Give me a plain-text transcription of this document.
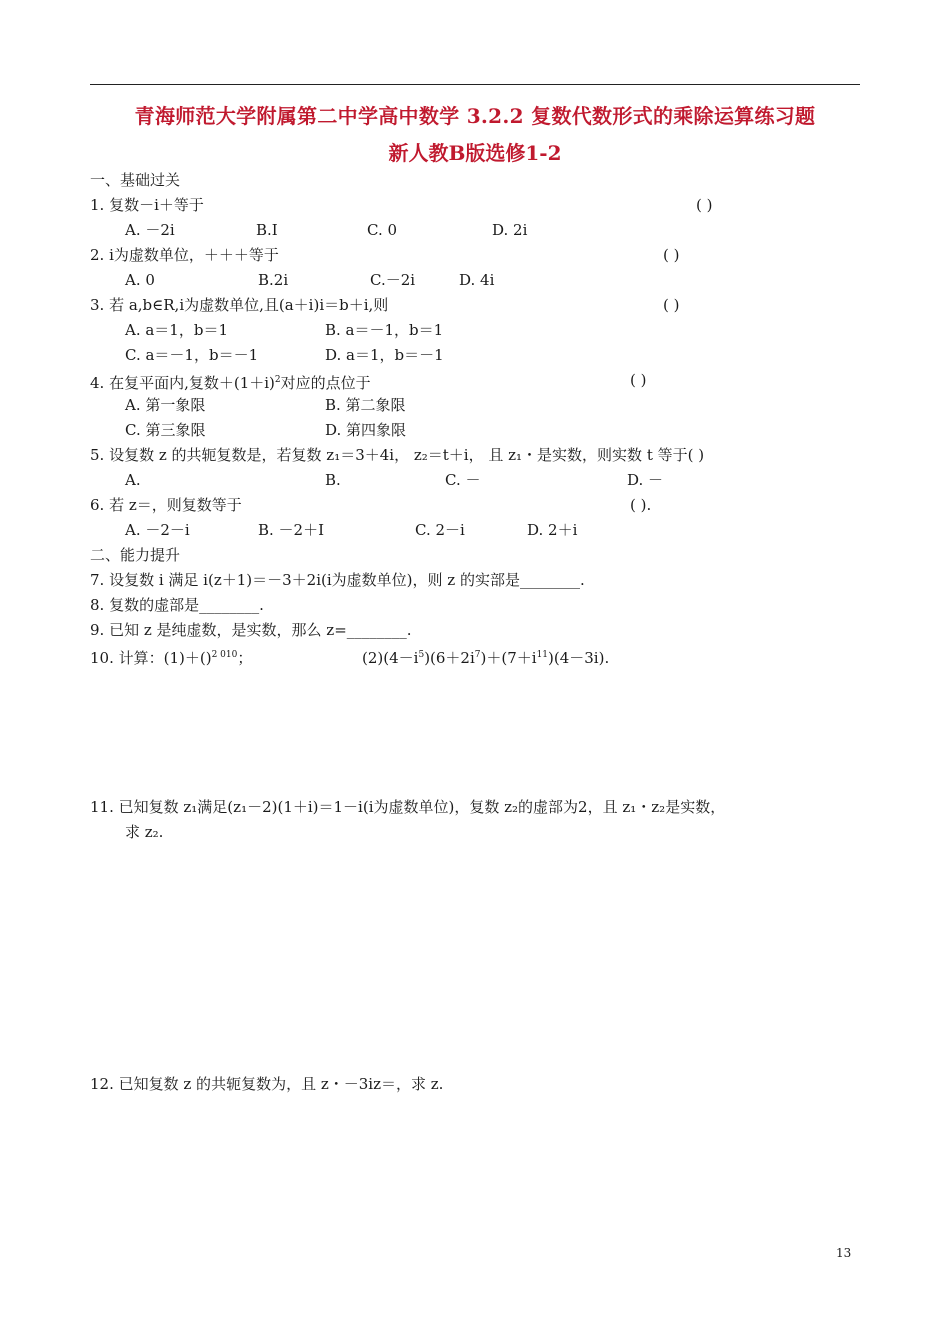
青海师范大学附属第二中学高中数学 3.2.2 复数代数形式的乘除运算练习题
新人教B版选修1-2
一、基础过关
1. 复数－i＋等于	( )
A. －2i	B.I	C. 0	D. 2i
2. i为虚数单位，＋＋＋等于	( )
A. 0	B.2i	C.－2i	D. 4i
3. 若 a,b∈R,i为虚数单位,且(a＋i)i＝b＋i,则	( )
A. a＝1，b＝1	B. a＝－1，b＝1
C. a＝－1，b＝－1	D. a＝1，b＝－1
4. 在复平面内,复数$+(1+i)^2$对应的点位于	( )
A. 第一象限	B. 第二象限
C. 第三象限	D. 第四象限
5. 设复数 z 的共轭复数是，若复数 z₁＝3＋4i， z₂＝t＋i， 且 z₁・是实数，则实数 t 等于( )
A.	B.	C. －	D. －
6. 若 z＝，则复数等于	( ).
A. －2－i	B. －2＋I	C. 2－i	D. 2＋i
二、能力提升
7. 设复数 i 满足 i(z＋1)＝－3＋2i(i为虚数单位)，则 z 的实部是________.
8. 复数的虚部是________.
9. 已知 z 是纯虚数，是实数，那么 z=________.
10. 计算：(1)＋()$^{2 010}$；	$(2)(4-i^5)(6+2i^7)+(7+i^{11})(4-3i)$.
11. 已知复数 z₁满足(z₁－2)(1＋i)＝1－i(i为虚数单位)，复数 z₂的虚部为2，且 z₁・z₂是实数，
求 z₂.
12. 已知复数 z 的共轭复数为，且 z・－3iz＝，求 z.
13
